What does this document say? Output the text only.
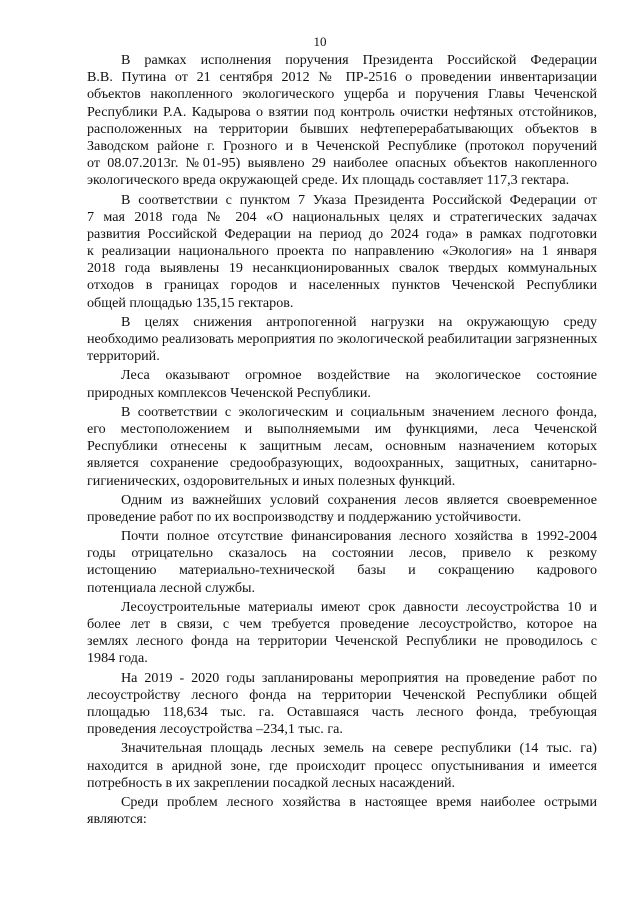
10
В рамках исполнения поручения Президента Российской Федерации
В.В. Путина от 21 сентября 2012 № ПР-2516 о проведении инвентаризации
объектов накопленного экологического ущерба и поручения Главы Чеченской
Республики Р.А. Кадырова о взятии под контроль очистки нефтяных отстойников,
расположенных на территории бывших нефтеперерабатывающих объектов в
Заводском районе г. Грозного и в Чеченской Республике (протокол поручений
от 08.07.2013г. №01-95) выявлено 29 наиболее опасных объектов накопленного
экологического вреда окружающей среде. Их площадь составляет 117,3 гектара.
В соответствии с пунктом 7 Указа Президента Российской Федерации от
7 мая 2018 года № 204 «О национальных целях и стратегических задачах
развития Российской Федерации на период до 2024 года» в рамках подготовки
к реализации национального проекта по направлению «Экология» на 1 января
2018 года выявлены 19 несанкционированных свалок твердых коммунальных
отходов в границах городов и населенных пунктов Чеченской Республики
общей площадью 135,15 гектаров.
В целях снижения антропогенной нагрузки на окружающую среду
необходимо реализовать мероприятия по экологической реабилитации загрязненных
территорий.
Леса оказывают огромное воздействие на экологическое состояние
природных комплексов Чеченской Республики.
В соответствии с экологическим и социальным значением лесного фонда,
его местоположением и выполняемыми им функциями, леса Чеченской
Республики отнесены к защитным лесам, основным назначением которых
является сохранение средообразующих, водоохранных, защитных, санитарно-
гигиенических, оздоровительных и иных полезных функций.
Одним из важнейших условий сохранения лесов является своевременное
проведение работ по их воспроизводству и поддержанию устойчивости.
Почти полное отсутствие финансирования лесного хозяйства в 1992-2004
годы отрицательно сказалось на состоянии лесов, привело к резкому
истощению материально-технической базы и сокращению кадрового
потенциала лесной службы.
Лесоустроительные материалы имеют срок давности лесоустройства 10 и
более лет в связи, с чем требуется проведение лесоустройство, которое на
землях лесного фонда на территории Чеченской Республики не проводилось с
1984 года.
На 2019 - 2020 годы запланированы мероприятия на проведение работ по
лесоустройству лесного фонда на территории Чеченской Республики общей
площадью 118,634 тыс. га. Оставшаяся часть лесного фонда, требующая
проведения лесоустройства –234,1 тыс. га.
Значительная площадь лесных земель на севере республики (14 тыс. га)
находится в аридной зоне, где происходит процесс опустынивания и имеется
потребность в их закреплении посадкой лесных насаждений.
Среди проблем лесного хозяйства в настоящее время наиболее острыми
являются:
